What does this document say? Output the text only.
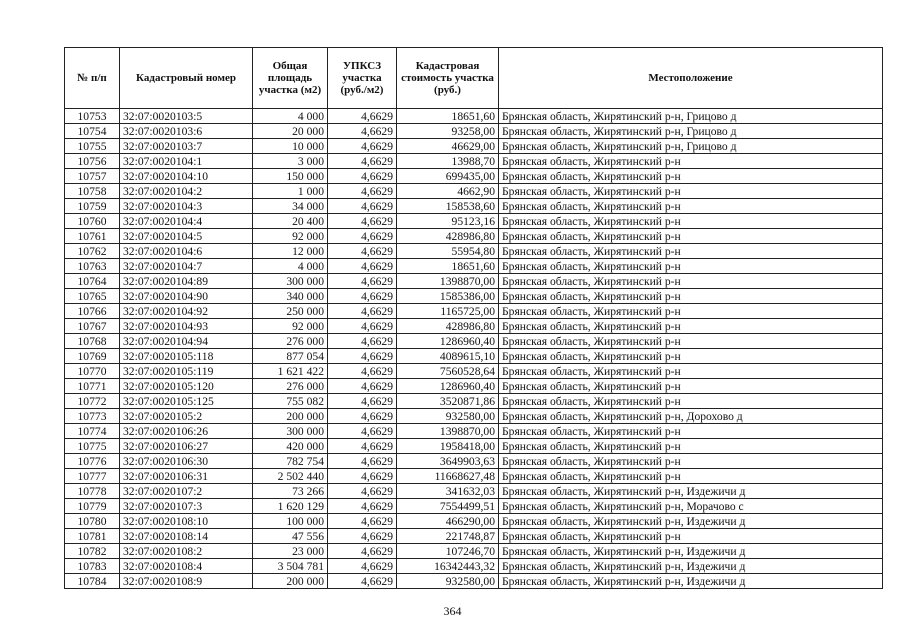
№ п/п	Кадастровый номер	Общая площадь участка (м2)	УПКСЗ участка (руб./м2)	Кадастровая стоимость участка (руб.)	Местоположение
10753	32:07:0020103:5	4 000	4,6629	18651,60	Брянская область, Жирятинский р-н, Грицово д
10754	32:07:0020103:6	20 000	4,6629	93258,00	Брянская область, Жирятинский р-н, Грицово д
10755	32:07:0020103:7	10 000	4,6629	46629,00	Брянская область, Жирятинский р-н, Грицово д
10756	32:07:0020104:1	3 000	4,6629	13988,70	Брянская область, Жирятинский р-н
10757	32:07:0020104:10	150 000	4,6629	699435,00	Брянская область, Жирятинский р-н
10758	32:07:0020104:2	1 000	4,6629	4662,90	Брянская область, Жирятинский р-н
10759	32:07:0020104:3	34 000	4,6629	158538,60	Брянская область, Жирятинский р-н
10760	32:07:0020104:4	20 400	4,6629	95123,16	Брянская область, Жирятинский р-н
10761	32:07:0020104:5	92 000	4,6629	428986,80	Брянская область, Жирятинский р-н
10762	32:07:0020104:6	12 000	4,6629	55954,80	Брянская область, Жирятинский р-н
10763	32:07:0020104:7	4 000	4,6629	18651,60	Брянская область, Жирятинский р-н
10764	32:07:0020104:89	300 000	4,6629	1398870,00	Брянская область, Жирятинский р-н
10765	32:07:0020104:90	340 000	4,6629	1585386,00	Брянская область, Жирятинский р-н
10766	32:07:0020104:92	250 000	4,6629	1165725,00	Брянская область, Жирятинский р-н
10767	32:07:0020104:93	92 000	4,6629	428986,80	Брянская область, Жирятинский р-н
10768	32:07:0020104:94	276 000	4,6629	1286960,40	Брянская область, Жирятинский р-н
10769	32:07:0020105:118	877 054	4,6629	4089615,10	Брянская область, Жирятинский р-н
10770	32:07:0020105:119	1 621 422	4,6629	7560528,64	Брянская область, Жирятинский р-н
10771	32:07:0020105:120	276 000	4,6629	1286960,40	Брянская область, Жирятинский р-н
10772	32:07:0020105:125	755 082	4,6629	3520871,86	Брянская область, Жирятинский р-н
10773	32:07:0020105:2	200 000	4,6629	932580,00	Брянская область, Жирятинский р-н, Дорохово д
10774	32:07:0020106:26	300 000	4,6629	1398870,00	Брянская область, Жирятинский р-н
10775	32:07:0020106:27	420 000	4,6629	1958418,00	Брянская область, Жирятинский р-н
10776	32:07:0020106:30	782 754	4,6629	3649903,63	Брянская область, Жирятинский р-н
10777	32:07:0020106:31	2 502 440	4,6629	11668627,48	Брянская область, Жирятинский р-н
10778	32:07:0020107:2	73 266	4,6629	341632,03	Брянская область, Жирятинский р-н, Издежичи д
10779	32:07:0020107:3	1 620 129	4,6629	7554499,51	Брянская область, Жирятинский р-н, Морачово с
10780	32:07:0020108:10	100 000	4,6629	466290,00	Брянская область, Жирятинский р-н, Издежичи д
10781	32:07:0020108:14	47 556	4,6629	221748,87	Брянская область, Жирятинский р-н
10782	32:07:0020108:2	23 000	4,6629	107246,70	Брянская область, Жирятинский р-н, Издежичи д
10783	32:07:0020108:4	3 504 781	4,6629	16342443,32	Брянская область, Жирятинский р-н, Издежичи д
10784	32:07:0020108:9	200 000	4,6629	932580,00	Брянская область, Жирятинский р-н, Издежичи д
364
